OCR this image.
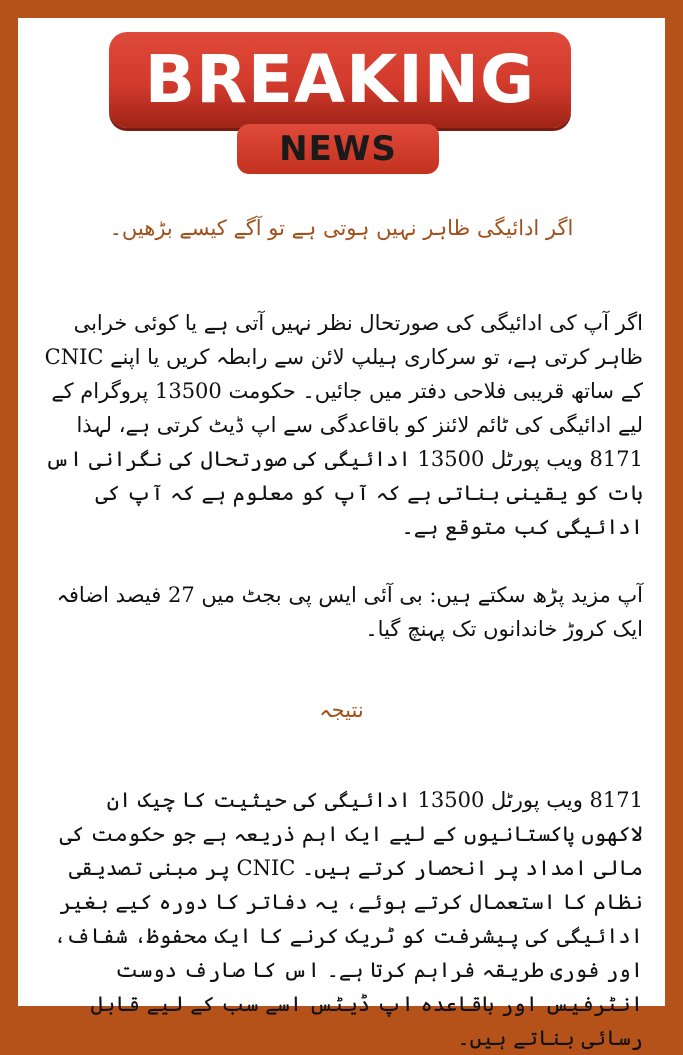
BREAKING
NEWS
اگر ادائیگی ظاہر نہیں ہوتی ہے تو آگے کیسے بڑھیں۔
اگر آپ کی ادائیگی کی صورتحال نظر نہیں آتی ہے یا کوئی خرابی ظاہر کرتی ہے، تو سرکاری ہیلپ لائن سے رابطہ کریں یا اپنے CNIC کے ساتھ قریبی فلاحی دفتر میں جائیں۔ حکومت 13500 پروگرام کے لیے ادائیگی کی ٹائم لائنز کو باقاعدگی سے اپ ڈیٹ کرتی ہے، لہذا 8171 ویب پورٹل 13500 ادائیگی کی صورتحال کی نگرانی اس بات کو یقینی بناتی ہے کہ آپ کو معلوم ہے کہ آپ کی ادائیگی کب متوقع ہے۔
آپ مزید پڑھ سکتے ہیں: بی آئی ایس پی بجٹ میں 27 فیصد اضافہ ایک کروڑ خاندانوں تک پہنچ گیا۔
نتیجہ
8171 ویب پورٹل 13500 ادائیگی کی حیثیت کا چیک ان لاکھوں پاکستانیوں کے لیے ایک اہم ذریعہ ہے جو حکومت کی مالی امداد پر انحصار کرتے ہیں۔ CNIC پر مبنی تصدیقی نظام کا استعمال کرتے ہوئے، یہ دفاتر کا دورہ کیے بغیر ادائیگی کی پیشرفت کو ٹریک کرنے کا ایک محفوظ، شفاف، اور فوری طریقہ فراہم کرتا ہے۔ اس کا صارف دوست انٹرفیس اور باقاعدہ اپ ڈیٹس اسے سب کے لیے قابل رسائی بناتے ہیں۔
